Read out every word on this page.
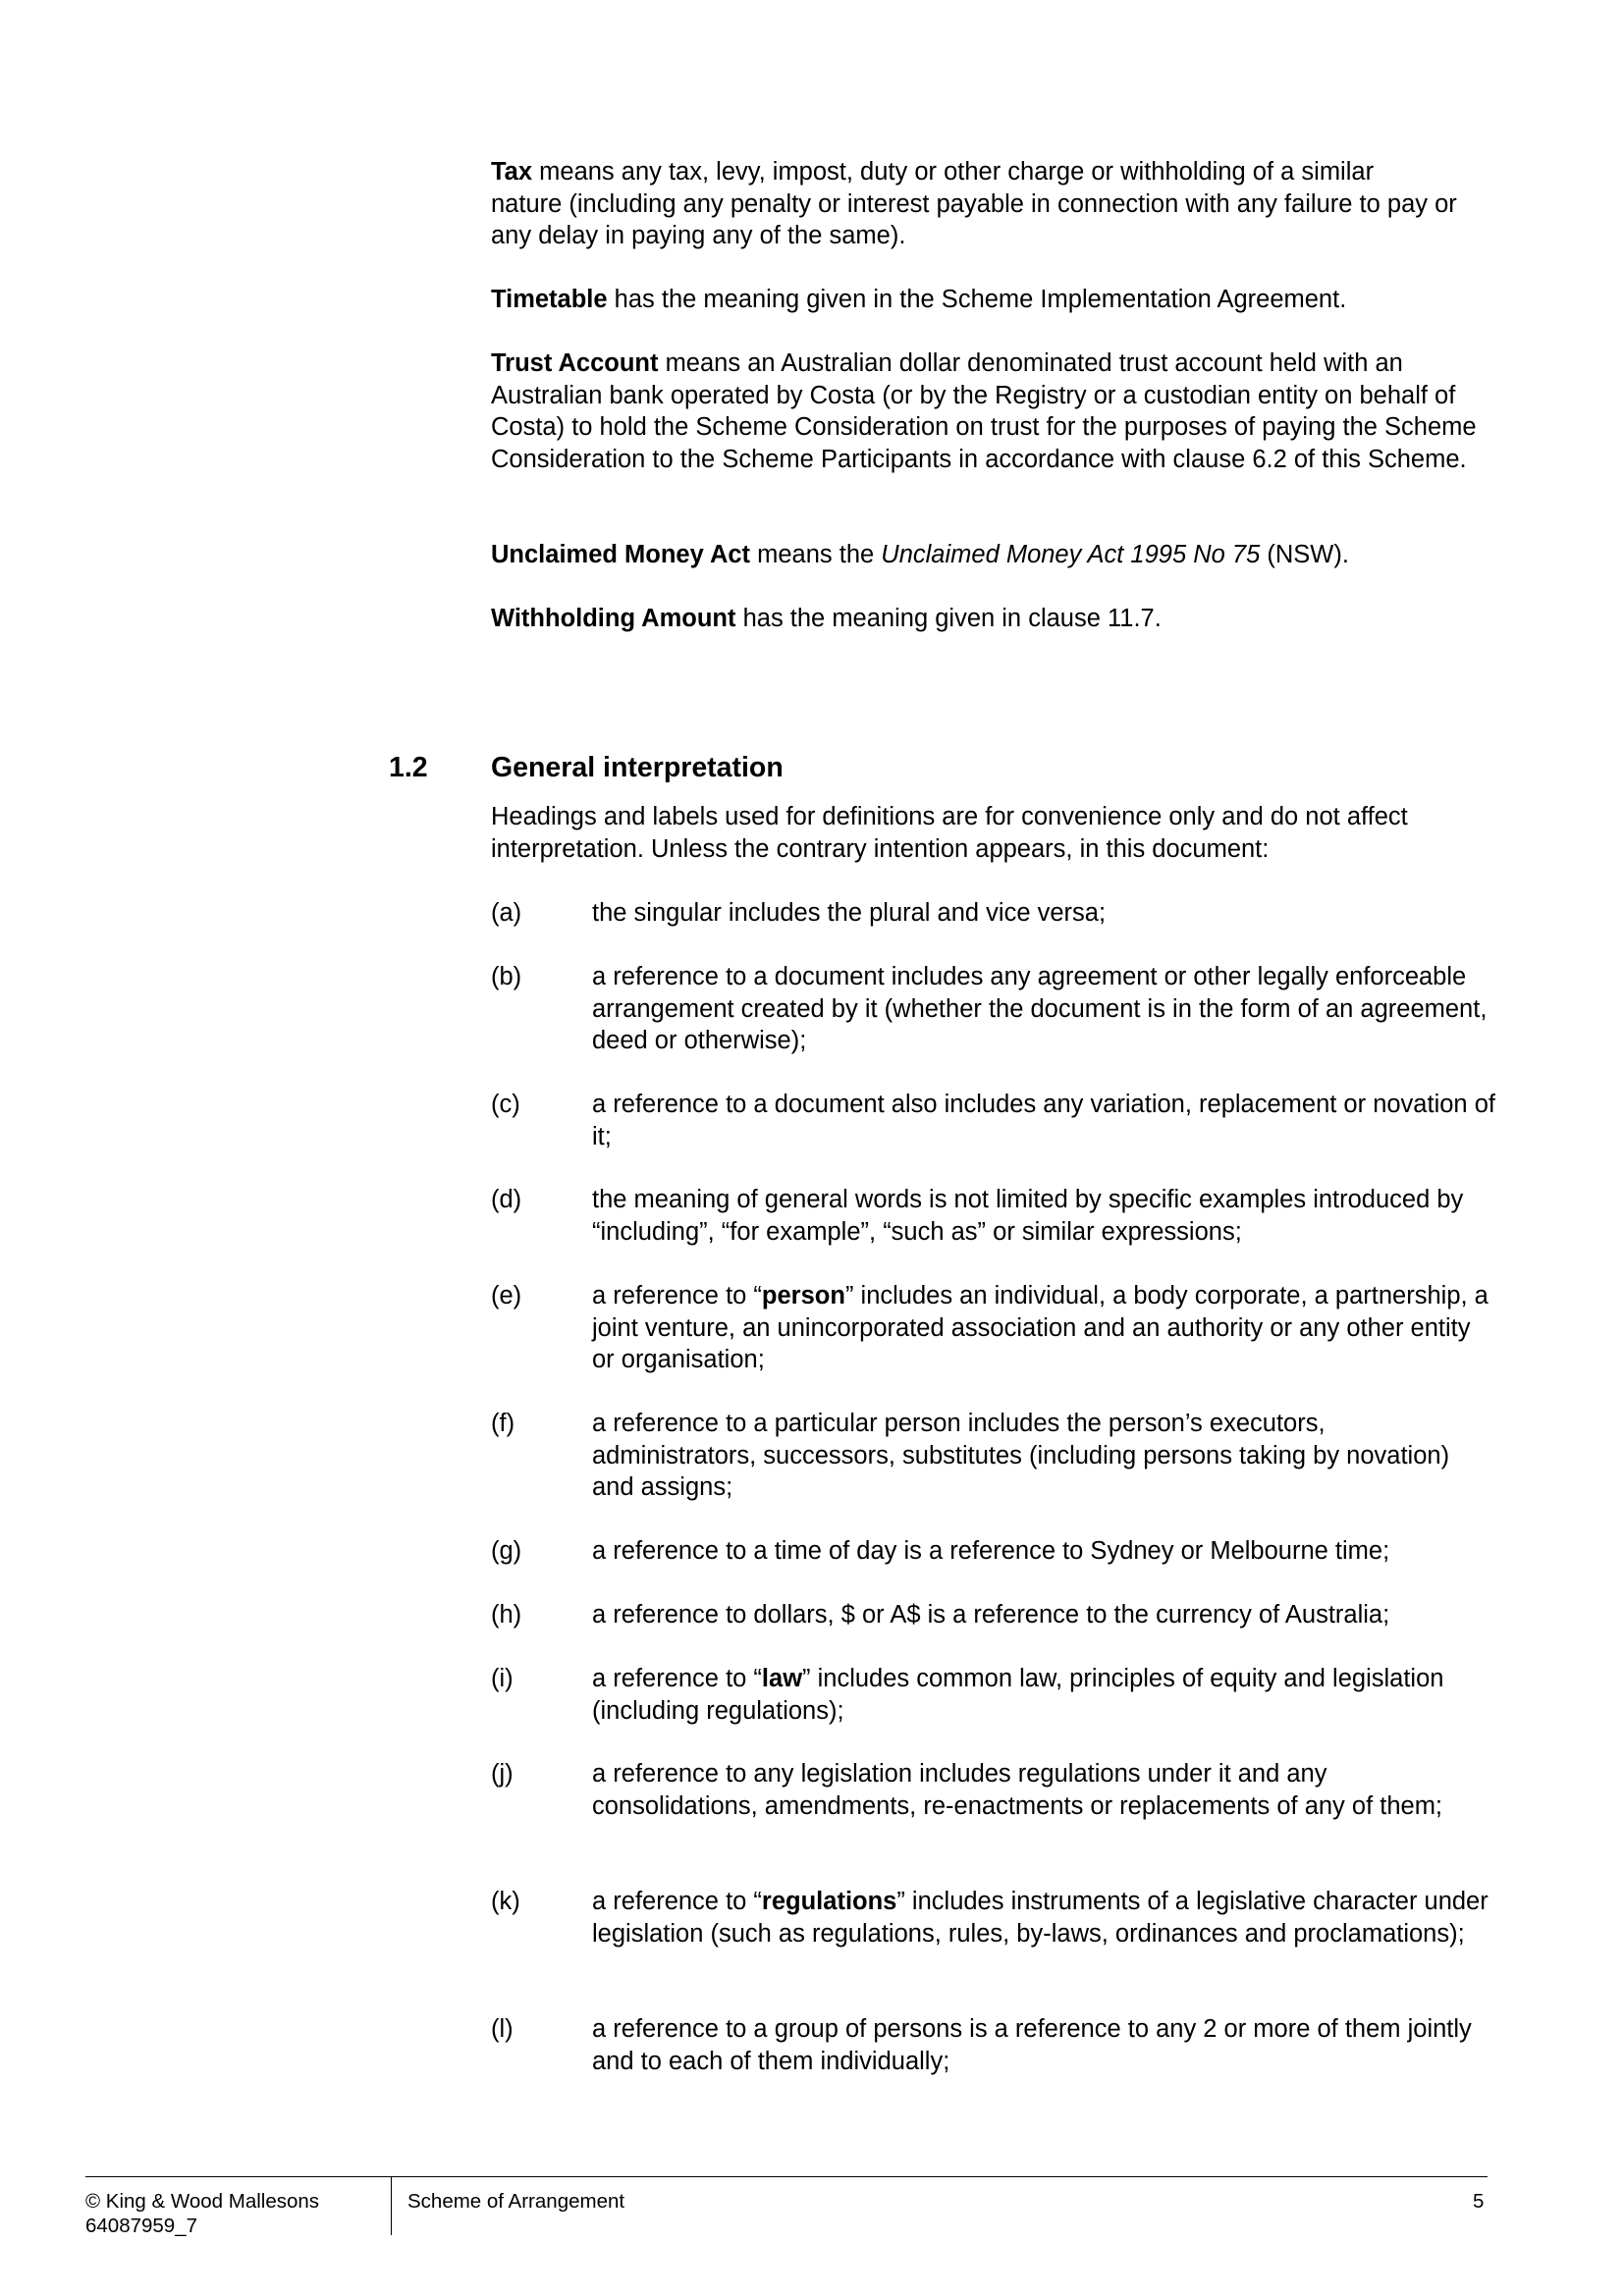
Tax means any tax, levy, impost, duty or other charge or withholding of a similar
nature (including any penalty or interest payable in connection with any failure to pay or any delay in paying any of the same).

Timetable has the meaning given in the Scheme Implementation Agreement.

Trust Account means an Australian dollar denominated trust account held with an Australian bank operated by Costa (or by the Registry or a custodian entity on behalf of Costa) to hold the Scheme Consideration on trust for the purposes of paying the Scheme Consideration to the Scheme Participants in accordance with clause 6.2 of this Scheme.

Unclaimed Money Act means the Unclaimed Money Act 1995 No 75 (NSW).

Withholding Amount has the meaning given in clause 11.7.

1.2 General interpretation

Headings and labels used for definitions are for convenience only and do not affect interpretation. Unless the contrary intention appears, in this document:

(a)	the singular includes the plural and vice versa;
(b)	a reference to a document includes any agreement or other legally enforceable arrangement created by it (whether the document is in the form of an agreement, deed or otherwise);
(c)	a reference to a document also includes any variation, replacement or novation of it;
(d)	the meaning of general words is not limited by specific examples introduced by “including”, “for example”, “such as” or similar expressions;
(e)	a reference to “person” includes an individual, a body corporate, a partnership, a joint venture, an unincorporated association and an authority or any other entity or organisation;
(f)	a reference to a particular person includes the person’s executors, administrators, successors, substitutes (including persons taking by novation) and assigns;
(g)	a reference to a time of day is a reference to Sydney or Melbourne time;
(h)	a reference to dollars, $ or A$ is a reference to the currency of Australia;
(i)	a reference to “law” includes common law, principles of equity and legislation (including regulations);
(j)	a reference to any legislation includes regulations under it and any consolidations, amendments, re-enactments or replacements of any of them;
(k)	a reference to “regulations” includes instruments of a legislative character under legislation (such as regulations, rules, by-laws, ordinances and proclamations);
(l)	a reference to a group of persons is a reference to any 2 or more of them jointly and to each of them individually;
© King & Wood Mallesons
64087959_7
Scheme of Arrangement	5
